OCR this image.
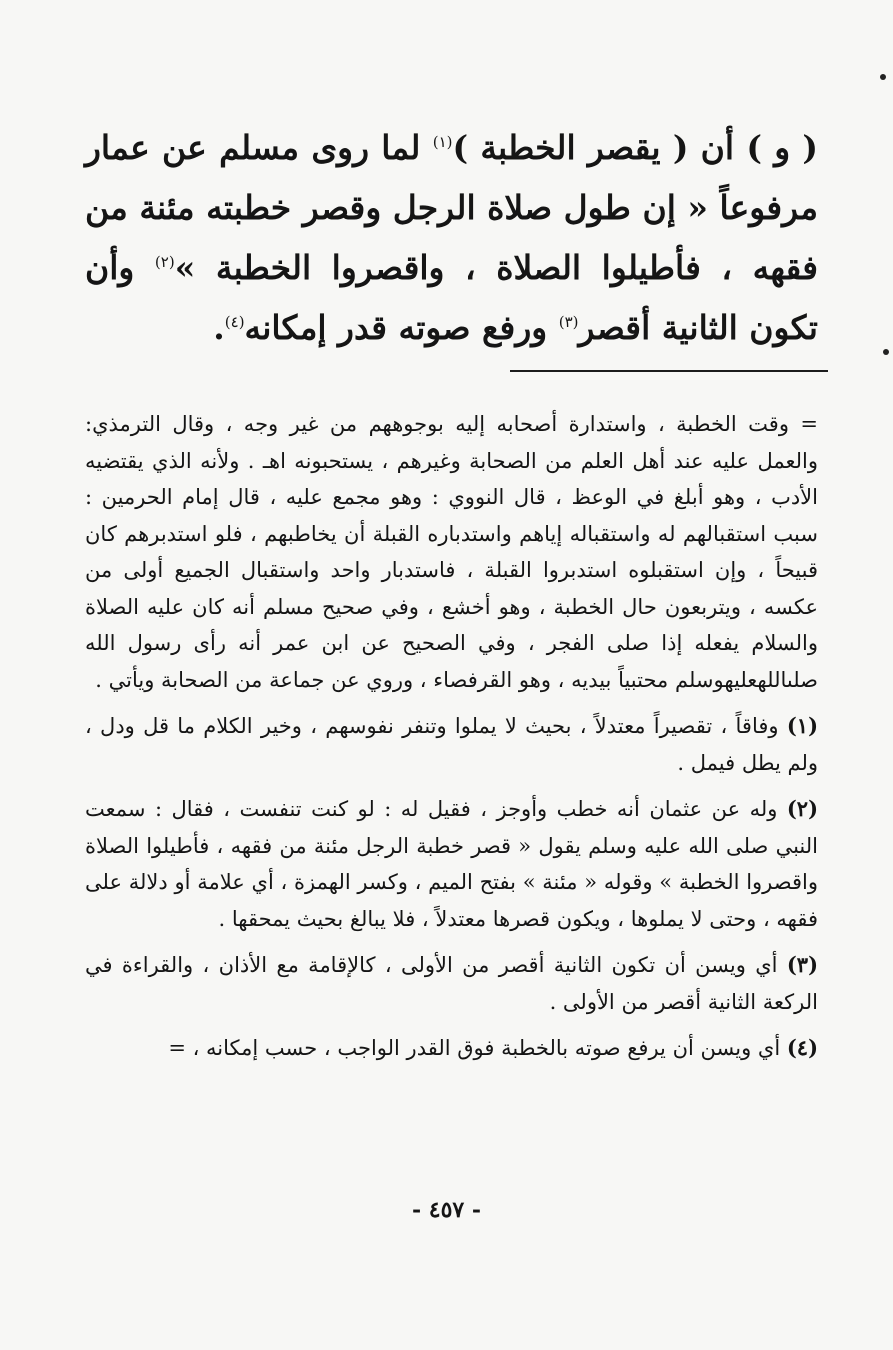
( و ) أن ( يقصر الخطبة )$^{(١)}$ لما روى مسلم عن عمار مرفوعاً « إن طول صلاة الرجل وقصر خطبته مئنة من فقهه ، فأطيلوا الصلاة ، واقصروا الخطبة »$^{(٢)}$ وأن تكون الثانية أقصر$^{(٣)}$ ورفع صوته قدر إمكانه$^{(٤)}$.

= وقت الخطبة ، واستدارة أصحابه إليه بوجوههم من غير وجه ، وقال الترمذي: والعمل عليه عند أهل العلم من الصحابة وغيرهم ، يستحبونه اهـ . ولأنه الذي يقتضيه الأدب ، وهو أبلغ في الوعظ ، قال النووي : وهو مجمع عليه ، قال إمام الحرمين : سبب استقبالهم له واستقباله إياهم واستدباره القبلة أن يخاطبهم ، فلو استدبرهم كان قبيحاً ، وإن استقبلوه استدبروا القبلة ، فاستدبار واحد واستقبال الجميع أولى من عكسه ، ويتربعون حال الخطبة ، وهو أخشع ، وفي صحيح مسلم أنه كان عليه الصلاة والسلام يفعله إذا صلى الفجر ، وفي الصحيح عن ابن عمر أنه رأى رسول الله صلىاللهعليهوسلم محتبياً بيديه ، وهو القرفصاء ، وروي عن جماعة من الصحابة ويأتي .

(١) وفاقاً ، تقصيراً معتدلاً ، بحيث لا يملوا وتنفر نفوسهم ، وخير الكلام ما قل ودل ، ولم يطل فيمل .

(٢) وله عن عثمان أنه خطب وأوجز ، فقيل له : لو كنت تنفست ، فقال : سمعت النبي صلى الله عليه وسلم يقول « قصر خطبة الرجل مئنة من فقهه ، فأطيلوا الصلاة واقصروا الخطبة » وقوله « مئنة » بفتح الميم ، وكسر الهمزة ، أي علامة أو دلالة على فقهه ، وحتى لا يملوها ، ويكون قصرها معتدلاً ، فلا يبالغ بحيث يمحقها .

(٣) أي ويسن أن تكون الثانية أقصر من الأولى ، كالإقامة مع الأذان ، والقراءة في الركعة الثانية أقصر من الأولى .

(٤) أي ويسن أن يرفع صوته بالخطبة فوق القدر الواجب ، حسب إمكانه ، =

- ٤٥٧ -
